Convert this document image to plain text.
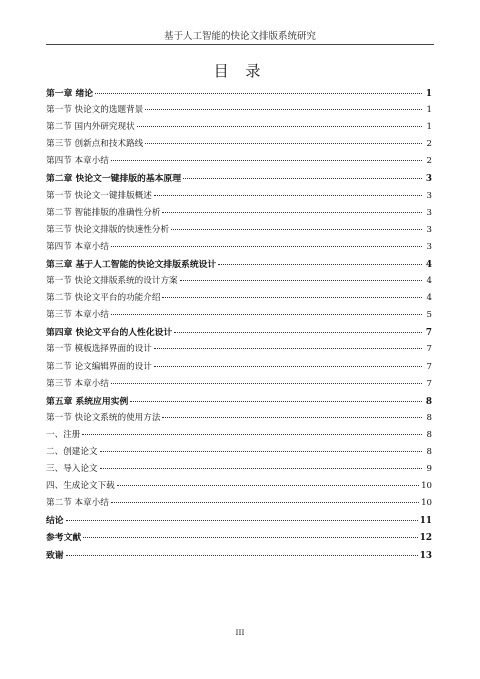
基于人工智能的快论文排版系统研究
目 录
第一章 绪论	1
第一节 快论文的选题背景	1
第二节 国内外研究现状	1
第三节 创新点和技术路线	2
第四节 本章小结	2
第二章 快论文一键排版的基本原理	3
第一节 快论文一键排版概述	3
第二节 智能排版的准确性分析	3
第三节 快论文排版的快速性分析	3
第四节 本章小结	3
第三章 基于人工智能的快论文排版系统设计	4
第一节 快论文排版系统的设计方案	4
第二节 快论文平台的功能介绍	4
第三节 本章小结	5
第四章 快论文平台的人性化设计	7
第一节 模板选择界面的设计	7
第二节 论文编辑界面的设计	7
第三节 本章小结	7
第五章 系统应用实例	8
第一节 快论文系统的使用方法	8
一、注册	8
二、创建论文	8
三、导入论文	9
四、生成论文下载	10
第二节 本章小结	10
结论	11
参考文献	12
致谢	13
III
